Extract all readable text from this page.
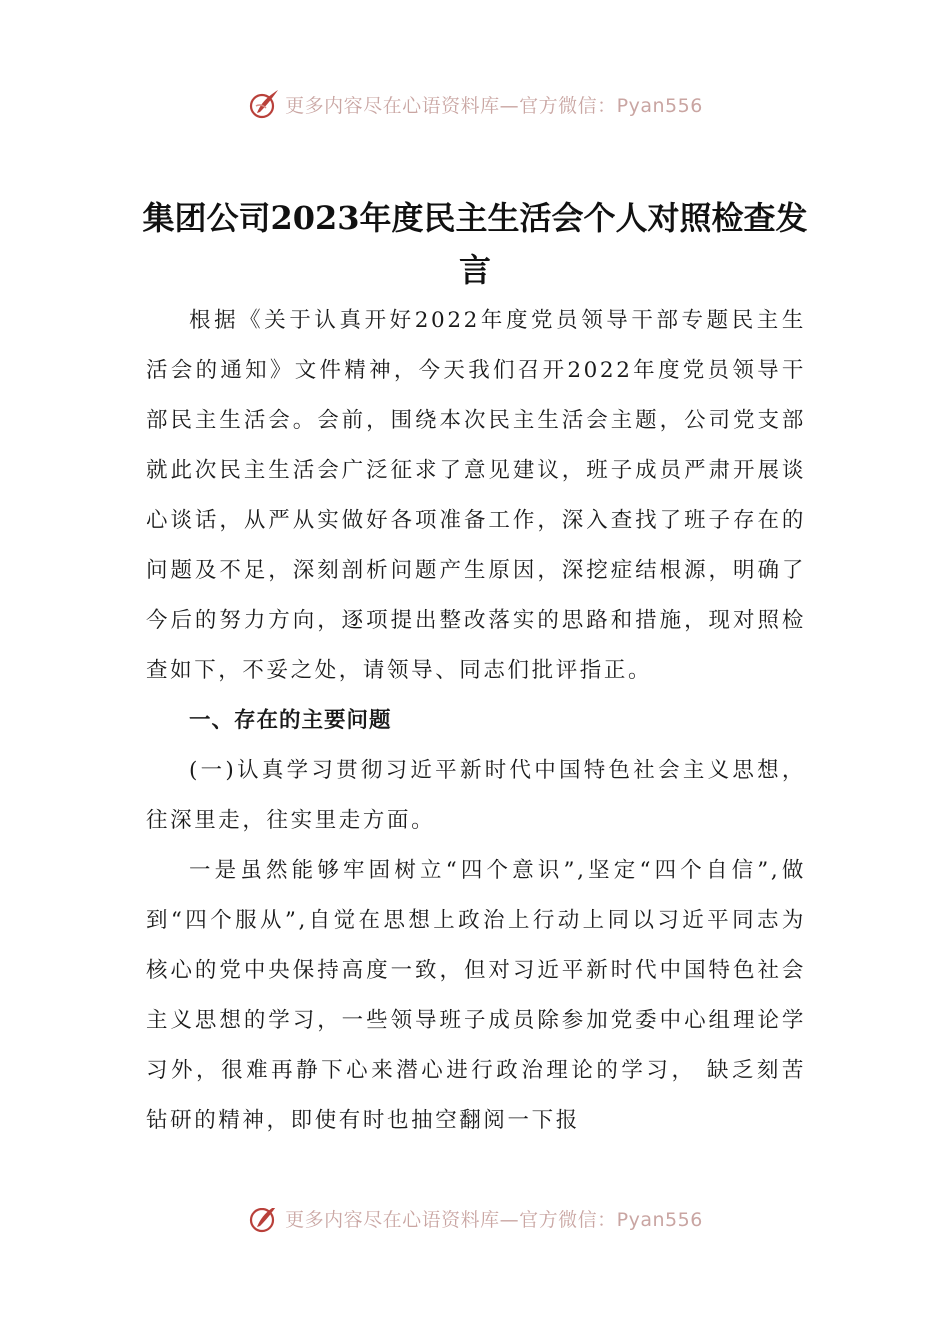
更多内容尽在心语资料库—官方微信：Pyan556
集团公司2023年度民主生活会个人对照检查发言

根据《关于认真开好2022年度党员领导干部专题民主生活会的通知》文件精神，今天我们召开2022年度党员领导干部民主生活会。会前，围绕本次民主生活会主题，公司党支部就此次民主生活会广泛征求了意见建议，班子成员严肃开展谈心谈话，从严从实做好各项准备工作，深入查找了班子存在的问题及不足，深刻剖析问题产生原因，深挖症结根源，明确了今后的努力方向，逐项提出整改落实的思路和措施，现对照检查如下，不妥之处，请领导、同志们批评指正。

一、存在的主要问题

(一)认真学习贯彻习近平新时代中国特色社会主义思想，往深里走，往实里走方面。

一是虽然能够牢固树立“四个意识”,坚定“四个自信”,做到“四个服从”,自觉在思想上政治上行动上同以习近平同志为核心的党中央保持高度一致，但对习近平新时代中国特色社会主义思想的学习，一些领导班子成员除参加党委中心组理论学习外，很难再静下心来潜心进行政治理论的学习， 缺乏刻苦钻研的精神，即使有时也抽空翻阅一下报

更多内容尽在心语资料库—官方微信：Pyan556
